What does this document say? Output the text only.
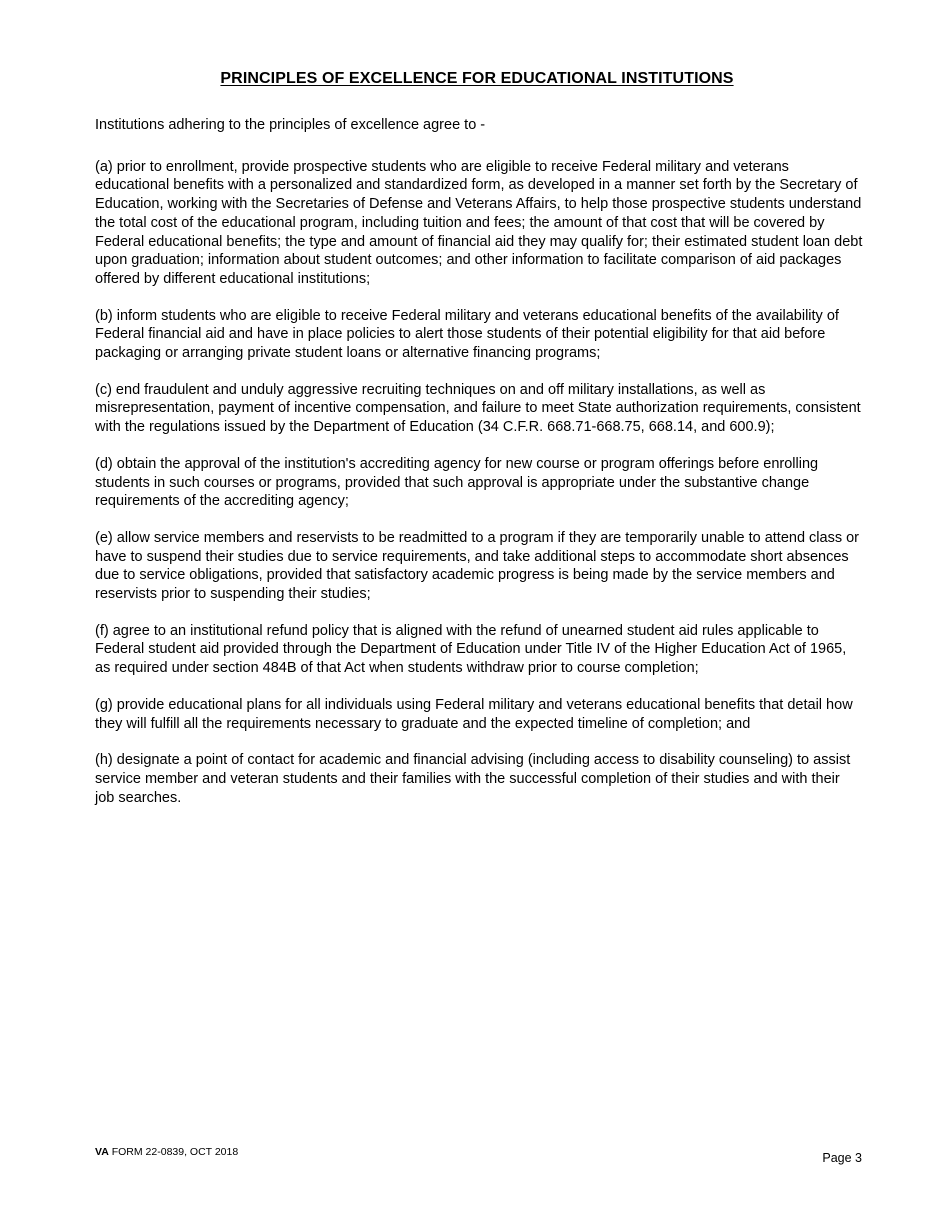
PRINCIPLES OF EXCELLENCE FOR EDUCATIONAL INSTITUTIONS

Institutions adhering to the principles of excellence agree to -

(a) prior to enrollment, provide prospective students who are eligible to receive Federal military and veterans educational benefits with a personalized and standardized form, as developed in a manner set forth by the Secretary of Education, working with the Secretaries of Defense and Veterans Affairs, to help those prospective students understand the total cost of the educational program, including tuition and fees; the amount of that cost that will be covered by Federal educational benefits; the type and amount of financial aid they may qualify for; their estimated student loan debt upon graduation; information about student outcomes; and other information to facilitate comparison of aid packages offered by different educational institutions;

(b) inform students who are eligible to receive Federal military and veterans educational benefits of the availability of Federal financial aid and have in place policies to alert those students of their potential eligibility for that aid before packaging or arranging private student loans or alternative financing programs;

(c) end fraudulent and unduly aggressive recruiting techniques on and off military installations, as well as misrepresentation, payment of incentive compensation, and failure to meet State authorization requirements, consistent with the regulations issued by the Department of Education (34 C.F.R. 668.71-668.75, 668.14, and 600.9);

(d) obtain the approval of the institution's accrediting agency for new course or program offerings before enrolling students in such courses or programs, provided that such approval is appropriate under the substantive change requirements of the accrediting agency;

(e) allow service members and reservists to be readmitted to a program if they are temporarily unable to attend class or have to suspend their studies due to service requirements, and take additional steps to accommodate short absences due to service obligations, provided that satisfactory academic progress is being made by the service members and reservists prior to suspending their studies;

(f) agree to an institutional refund policy that is aligned with the refund of unearned student aid rules applicable to Federal student aid provided through the Department of Education under Title IV of the Higher Education Act of 1965, as required under section 484B of that Act when students withdraw prior to course completion;

(g) provide educational plans for all individuals using Federal military and veterans educational benefits that detail how they will fulfill all the requirements necessary to graduate and the expected timeline of completion; and

(h) designate a point of contact for academic and financial advising (including access to disability counseling) to assist service member and veteran students and their families with the successful completion of their studies and with their job searches.

VA FORM 22-0839, OCT 2018	Page 3
